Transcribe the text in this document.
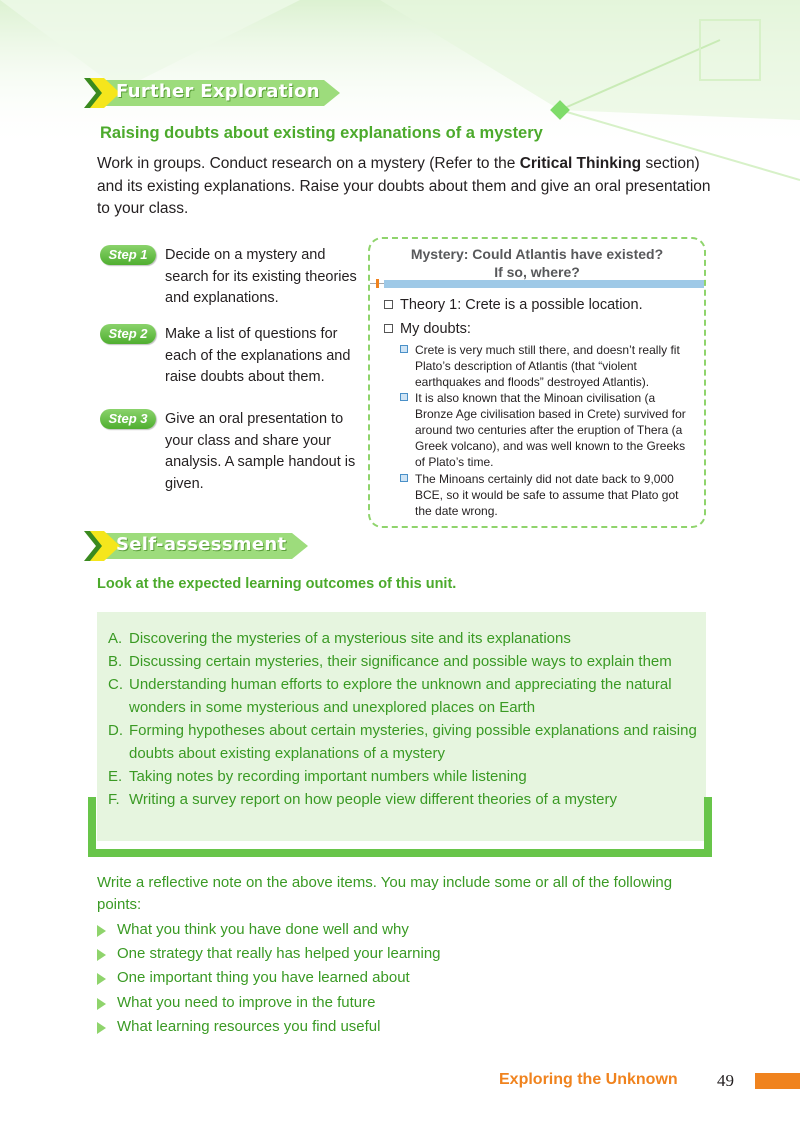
Further Exploration
Raising doubts about existing explanations of a mystery

Work in groups. Conduct research on a mystery (Refer to the Critical Thinking section) and its existing explanations. Raise your doubts about them and give an oral presentation to your class.

Step 1	Decide on a mystery and search for its existing theories and explanations.
Step 2	Make a list of questions for each of the explanations and raise doubts about them.
Step 3	Give an oral presentation to your class and share your analysis. A sample handout is given.
Mystery: Could Atlantis have existed?
If so, where?
Theory 1: Crete is a possible location.
My doubts:
Crete is very much still there, and doesn’t really fit Plato’s description of Atlantis (that “violent earthquakes and floods” destroyed Atlantis).
It is also known that the Minoan civilisation (a Bronze Age civilisation based in Crete) survived for around two centuries after the eruption of Thera (a Greek volcano), and was well known to the Greeks of Plato’s time.
The Minoans certainly did not date back to 9,000 BCE, so it would be safe to assume that Plato got the date wrong.
Self-assessment
Look at the expected learning outcomes of this unit.
A. Discovering the mysteries of a mysterious site and its explanations
B. Discussing certain mysteries, their significance and possible ways to explain them
C. Understanding human efforts to explore the unknown and appreciating the natural wonders in some mysterious and unexplored places on Earth
D. Forming hypotheses about certain mysteries, giving possible explanations and raising doubts about existing explanations of a mystery
E. Taking notes by recording important numbers while listening
F. Writing a survey report on how people view different theories of a mystery
Write a reflective note on the above items. You may include some or all of the following points:
What you think you have done well and why
One strategy that really has helped your learning
One important thing you have learned about
What you need to improve in the future
What learning resources you find useful
Exploring the Unknown 49
